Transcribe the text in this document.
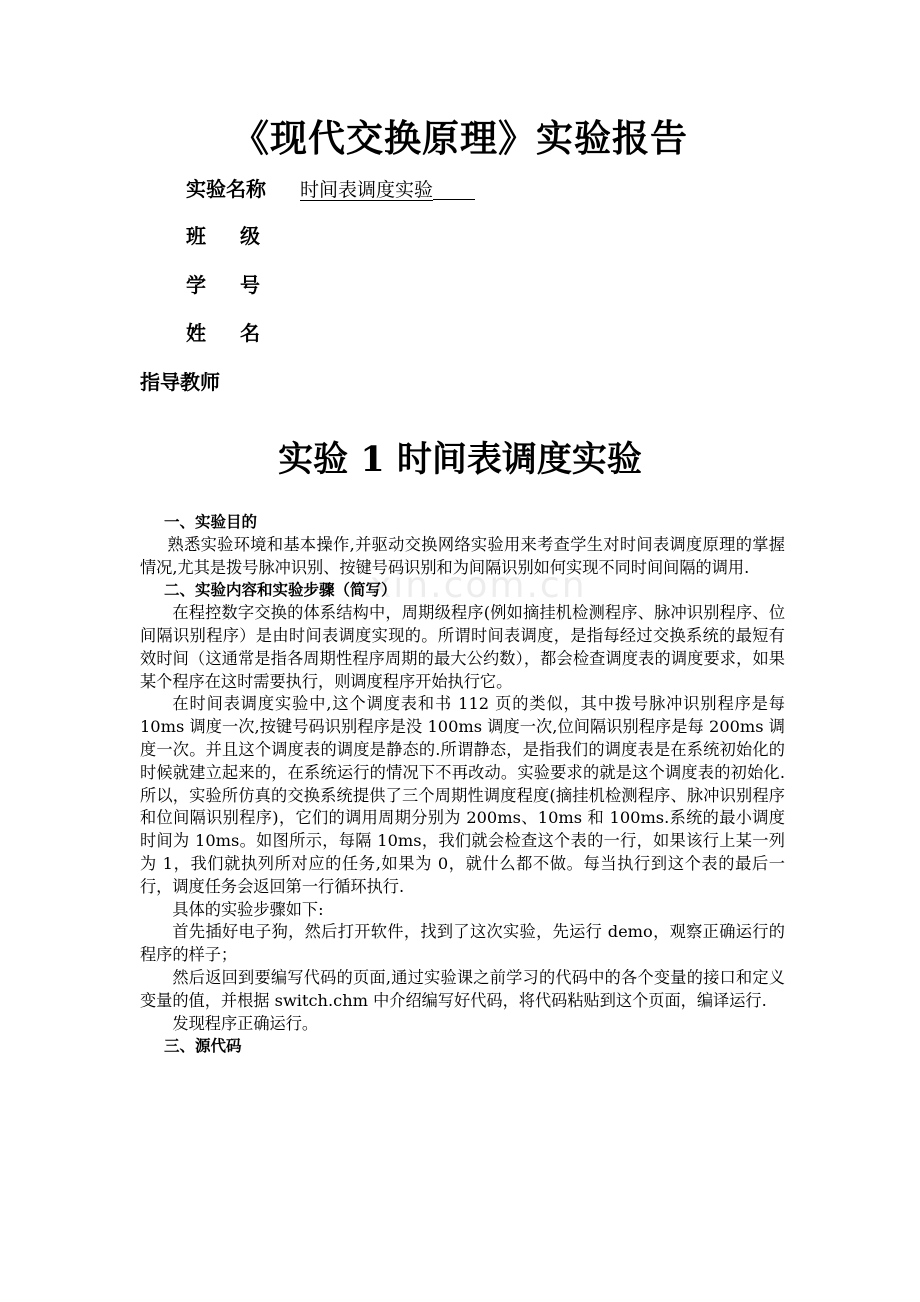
《现代交换原理》实验报告
实验名称 时间表调度实验
班级
学号
姓名
指导教师
实验 1 时间表调度实验
xin.com.cn
一、实验目的

熟悉实验环境和基本操作,并驱动交换网络实验用来考查学生对时间表调度原理的掌握情况,尤其是拨号脉冲识别、按键号码识别和为间隔识别如何实现不同时间间隔的调用.

二、实验内容和实验步骤（简写）

在程控数字交换的体系结构中，周期级程序(例如摘挂机检测程序、脉冲识别程序、位间隔识别程序）是由时间表调度实现的。所谓时间表调度，是指每经过交换系统的最短有效时间（这通常是指各周期性程序周期的最大公约数），都会检查调度表的调度要求，如果某个程序在这时需要执行，则调度程序开始执行它。

在时间表调度实验中,这个调度表和书 112 页的类似，其中拨号脉冲识别程序是每 10ms 调度一次,按键号码识别程序是没 100ms 调度一次,位间隔识别程序是每 200ms 调度一次。并且这个调度表的调度是静态的.所谓静态，是指我们的调度表是在系统初始化的时候就建立起来的，在系统运行的情况下不再改动。实验要求的就是这个调度表的初始化.所以，实验所仿真的交换系统提供了三个周期性调度程度(摘挂机检测程序、脉冲识别程序和位间隔识别程序)，它们的调用周期分别为 200ms、10ms 和 100ms.系统的最小调度时间为 10ms。如图所示，每隔 10ms，我们就会检查这个表的一行，如果该行上某一列为 1，我们就执列所对应的任务,如果为 0，就什么都不做。每当执行到这个表的最后一行，调度任务会返回第一行循环执行.

具体的实验步骤如下:

首先插好电子狗，然后打开软件，找到了这次实验，先运行 demo，观察正确运行的程序的样子；

然后返回到要编写代码的页面,通过实验课之前学习的代码中的各个变量的接口和定义变量的值，并根据 switch.chm 中介绍编写好代码，将代码粘贴到这个页面，编译运行.

发现程序正确运行。

三、源代码
